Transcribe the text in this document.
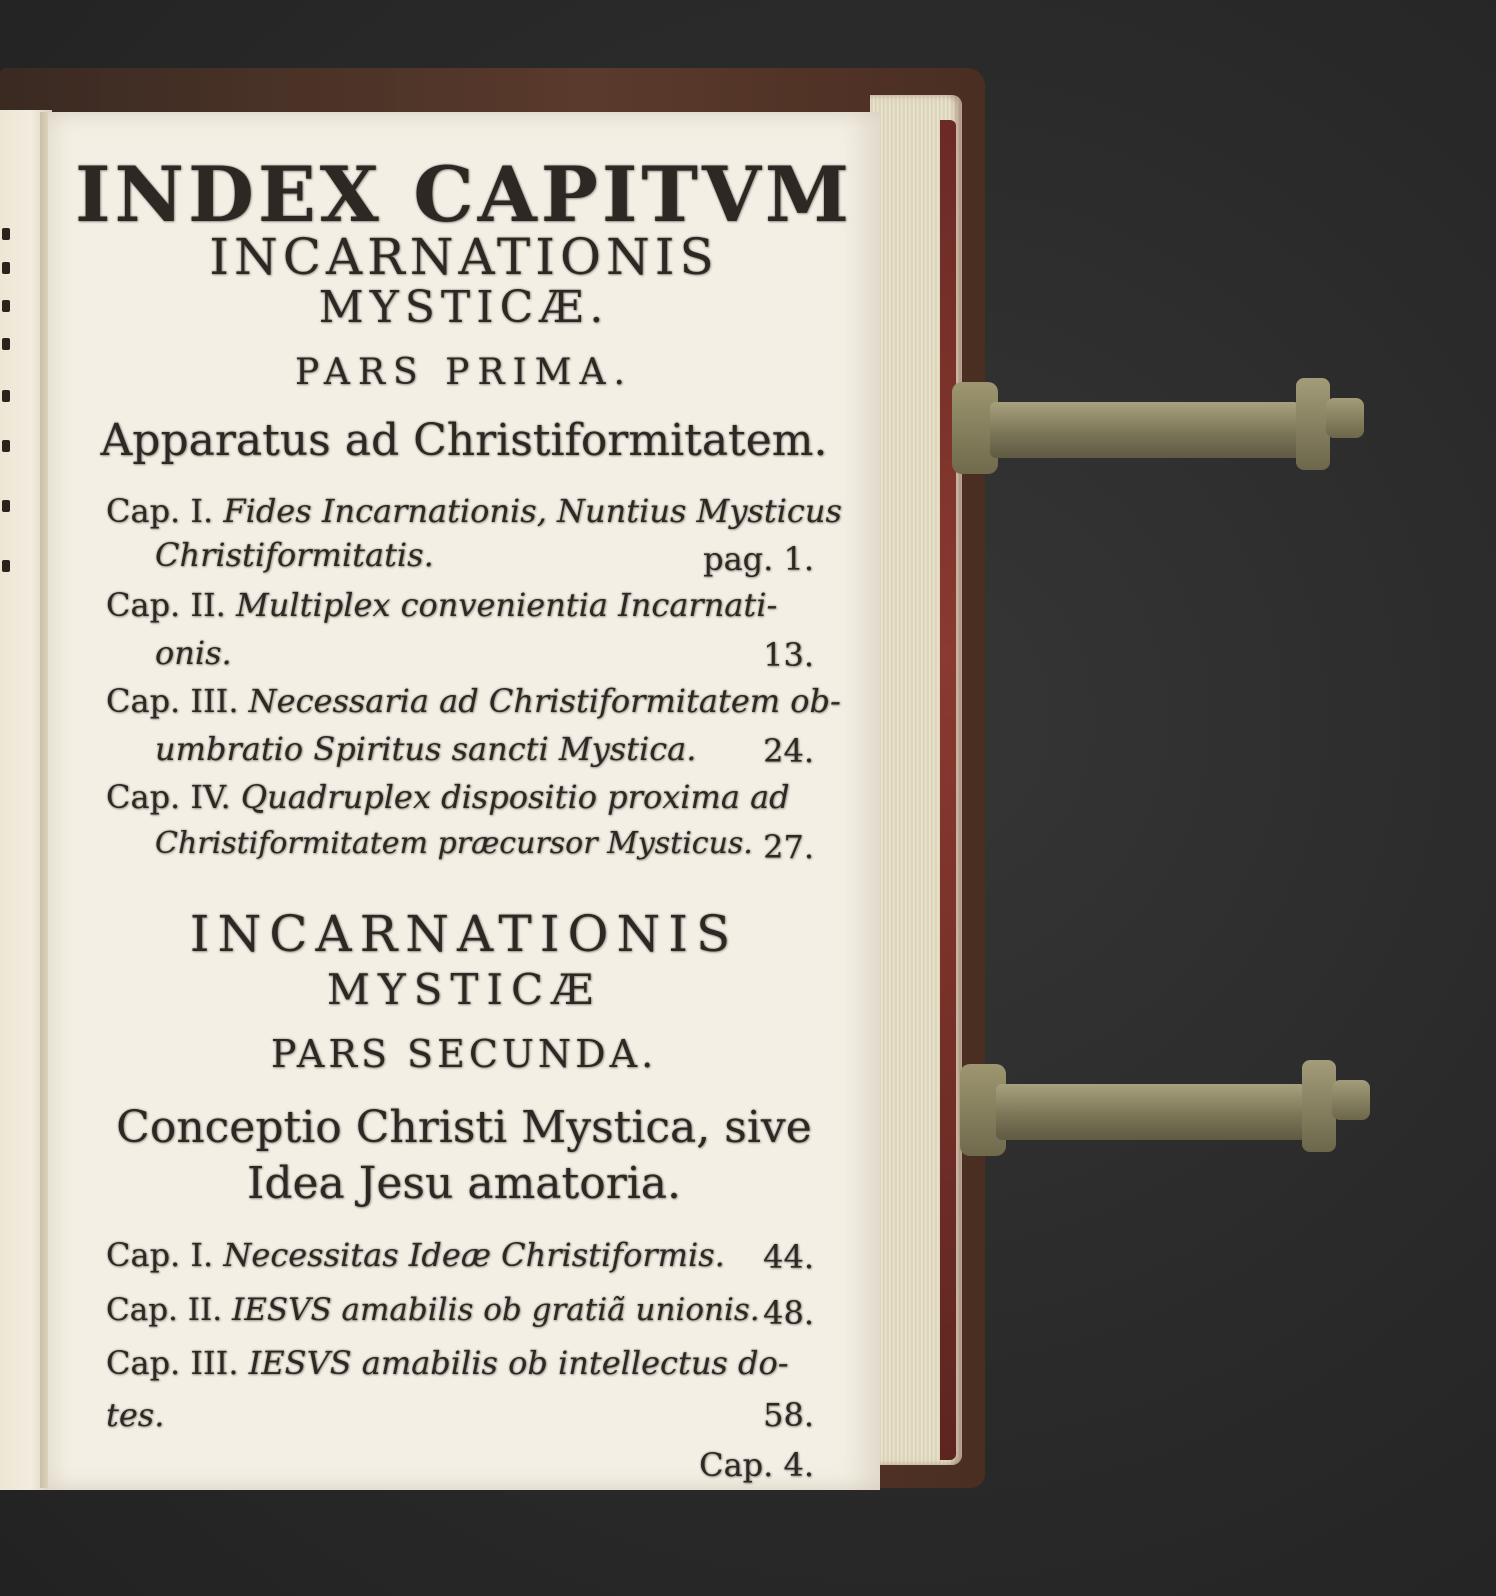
INDEX CAPITVM
INCARNATIONIS
MYSTICÆ.
PARS PRIMA.
Apparatus ad Christiformitatem.
Cap. I. Fides Incarnationis, Nuntius Mysticus
Christiformitatis.	pag. 1.
Cap. II. Multiplex convenientia Incarnati-
onis.	13.
Cap. III. Necessaria ad Christiformitatem ob-
umbratio Spiritus sancti Mystica.	24.
Cap. IV. Quadruplex dispositio proxima ad
Christiformitatem præcursor Mysticus. 27.
INCARNATIONIS
MYSTICÆ
PARS SECUNDA.
Conceptio Christi Mystica, sive
Idea Jesu amatoria.
Cap. I. Necessitas Ideæ Christiformis.	44.
Cap. II. IESVS amabilis ob gratiã unionis. 48.
Cap. III. IESVS amabilis ob intellectus do-
tes.	58.
Cap. 4.
